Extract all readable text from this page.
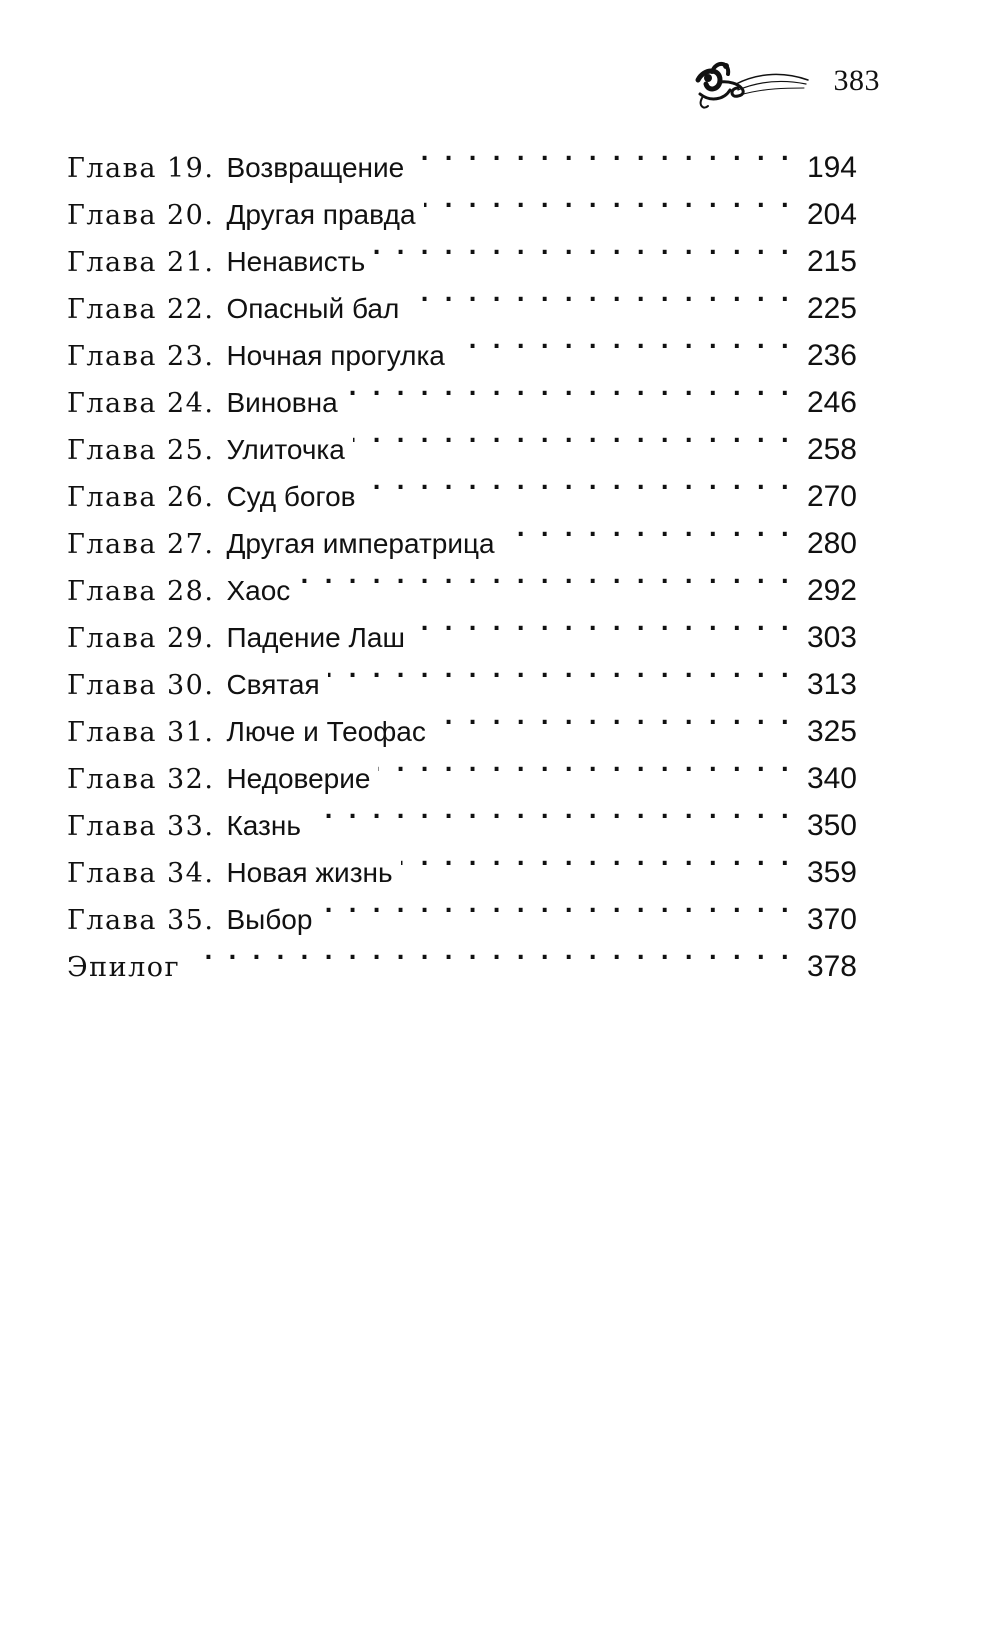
383
Глава 19. Возвращение . . .	194
Глава 20. Другая правда . . .	204
Глава 21. Ненависть . . .	215
Глава 22. Опасный бал . . .	225
Глава 23. Ночная прогулка . . .	236
Глава 24. Виновна . . .	246
Глава 25. Улиточка . . .	258
Глава 26. Суд богов . . .	270
Глава 27. Другая императрица . . .	280
Глава 28. Хаос . . .	292
Глава 29. Падение Лаш . . .	303
Глава 30. Святая . . .	313
Глава 31. Люче и Теофас . . .	325
Глава 32. Недоверие . . .	340
Глава 33. Казнь . . .	350
Глава 34. Новая жизнь . . .	359
Глава 35. Выбор . . .	370
Эпилог . . .	378
